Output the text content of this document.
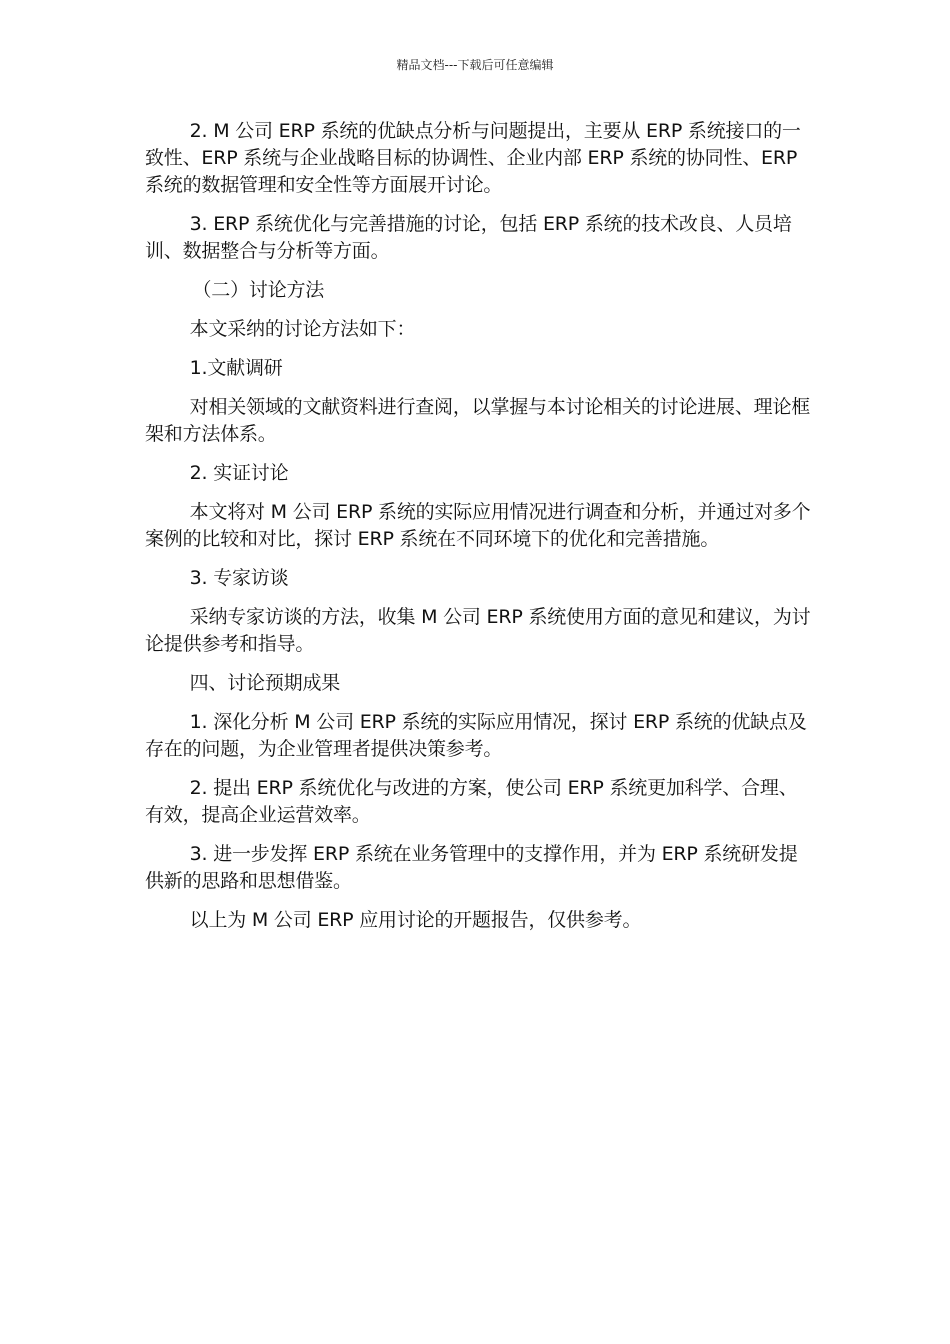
精品文档---下载后可任意编辑

2. M 公司 ERP 系统的优缺点分析与问题提出，主要从 ERP 系统接口的一致性、ERP 系统与企业战略目标的协调性、企业内部 ERP 系统的协同性、ERP 系统的数据管理和安全性等方面展开讨论。

3. ERP 系统优化与完善措施的讨论，包括 ERP 系统的技术改良、人员培训、数据整合与分析等方面。

（二）讨论方法

本文采纳的讨论方法如下：

1.文献调研

对相关领域的文献资料进行查阅，以掌握与本讨论相关的讨论进展、理论框架和方法体系。

2. 实证讨论

本文将对 M 公司 ERP 系统的实际应用情况进行调查和分析，并通过对多个案例的比较和对比，探讨 ERP 系统在不同环境下的优化和完善措施。

3. 专家访谈

采纳专家访谈的方法，收集 M 公司 ERP 系统使用方面的意见和建议，为讨论提供参考和指导。

四、讨论预期成果

1. 深化分析 M 公司 ERP 系统的实际应用情况，探讨 ERP 系统的优缺点及存在的问题，为企业管理者提供决策参考。

2. 提出 ERP 系统优化与改进的方案，使公司 ERP 系统更加科学、合理、有效，提高企业运营效率。

3. 进一步发挥 ERP 系统在业务管理中的支撑作用，并为 ERP 系统研发提供新的思路和思想借鉴。

以上为 M 公司 ERP 应用讨论的开题报告，仅供参考。
